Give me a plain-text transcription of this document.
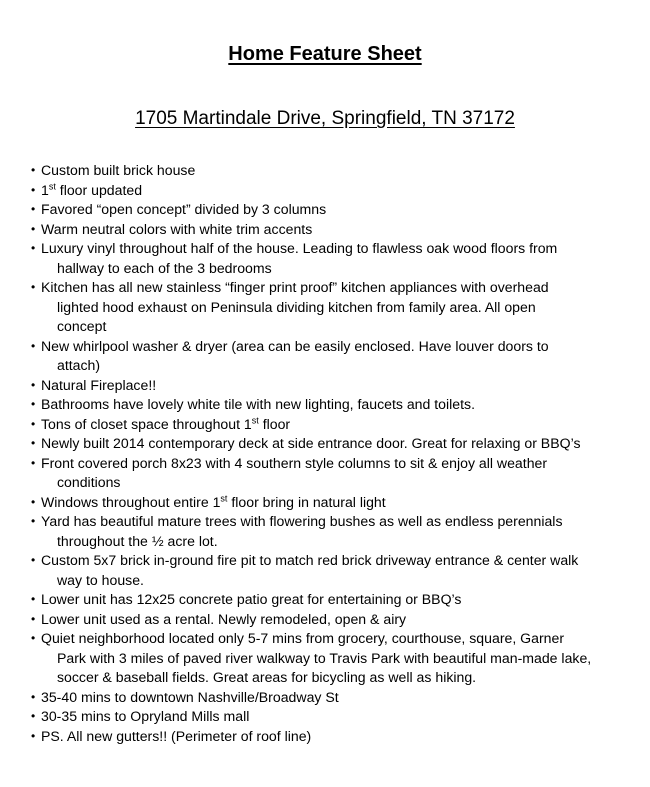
Home Feature Sheet
1705 Martindale Drive, Springfield, TN 37172
• Custom built brick house
• 1st floor updated
• Favored “open concept” divided by 3 columns
• Warm neutral colors with white trim accents
• Luxury vinyl throughout half of the house. Leading to flawless oak wood floors from
hallway to each of the 3 bedrooms
• Kitchen has all new stainless “finger print proof” kitchen appliances with overhead
lighted hood exhaust on Peninsula dividing kitchen from family area. All open
concept
• New whirlpool washer & dryer (area can be easily enclosed. Have louver doors to
attach)
• Natural Fireplace!!
• Bathrooms have lovely white tile with new lighting, faucets and toilets.
• Tons of closet space throughout 1st floor
• Newly built 2014 contemporary deck at side entrance door. Great for relaxing or BBQ’s
• Front covered porch 8x23 with 4 southern style columns to sit & enjoy all weather
conditions
• Windows throughout entire 1st floor bring in natural light
• Yard has beautiful mature trees with flowering bushes as well as endless perennials
throughout the ½ acre lot.
• Custom 5x7 brick in-ground fire pit to match red brick driveway entrance & center walk
way to house.
• Lower unit has 12x25 concrete patio great for entertaining or BBQ’s
• Lower unit used as a rental. Newly remodeled, open & airy
• Quiet neighborhood located only 5-7 mins from grocery, courthouse, square, Garner
Park with 3 miles of paved river walkway to Travis Park with beautiful man-made lake,
soccer & baseball fields. Great areas for bicycling as well as hiking.
• 35-40 mins to downtown Nashville/Broadway St
• 30-35 mins to Opryland Mills mall
• PS. All new gutters!! (Perimeter of roof line)
